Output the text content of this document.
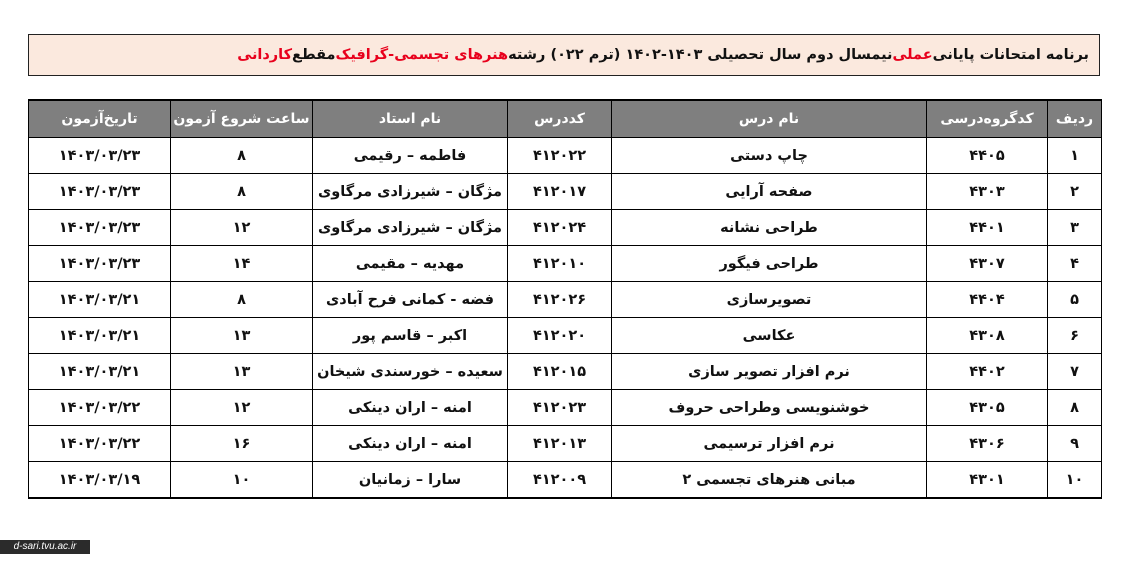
برنامه امتحانات پایانی
عملی
نیمسال دوم سال تحصیلی ۱۴۰۳-۱۴۰۲ (ترم ۰۲۲) رشته
هنرهای تجسمی-گرافیک
مقطع
کاردانی
ردیف	کدگروه‌درسی	نام درس	کددرس	نام استاد	ساعت شروع آزمون	تاریخ‌آزمون
۱	۴۴۰۵	چاپ دستی	۴۱۲۰۲۲	فاطمه – رقیمی	۸	۱۴۰۳/۰۳/۲۳
۲	۴۳۰۳	صفحه آرایی	۴۱۲۰۱۷	مژگان – شیرزادی مرگاوی	۸	۱۴۰۳/۰۳/۲۳
۳	۴۴۰۱	طراحی نشانه	۴۱۲۰۲۴	مژگان – شیرزادی مرگاوی	۱۲	۱۴۰۳/۰۳/۲۳
۴	۴۳۰۷	طراحی فیگور	۴۱۲۰۱۰	مهدیه – مقیمی	۱۴	۱۴۰۳/۰۳/۲۳
۵	۴۴۰۴	تصویرسازی	۴۱۲۰۲۶	فضه - کمانی فرح آبادی	۸	۱۴۰۳/۰۳/۲۱
۶	۴۳۰۸	عکاسی	۴۱۲۰۲۰	اکبر – قاسم پور	۱۳	۱۴۰۳/۰۳/۲۱
۷	۴۴۰۲	نرم افزار تصویر سازی	۴۱۲۰۱۵	سعیده – خورسندی شیخان	۱۳	۱۴۰۳/۰۳/۲۱
۸	۴۳۰۵	خوشنویسی وطراحی حروف	۴۱۲۰۲۳	امنه – اران دینکی	۱۲	۱۴۰۳/۰۳/۲۲
۹	۴۳۰۶	نرم افزار ترسیمی	۴۱۲۰۱۳	امنه – اران دینکی	۱۶	۱۴۰۳/۰۳/۲۲
۱۰	۴۳۰۱	مبانی هنرهای تجسمی ۲	۴۱۲۰۰۹	سارا – زمانیان	۱۰	۱۴۰۳/۰۳/۱۹
d-sari.tvu.ac.ir
